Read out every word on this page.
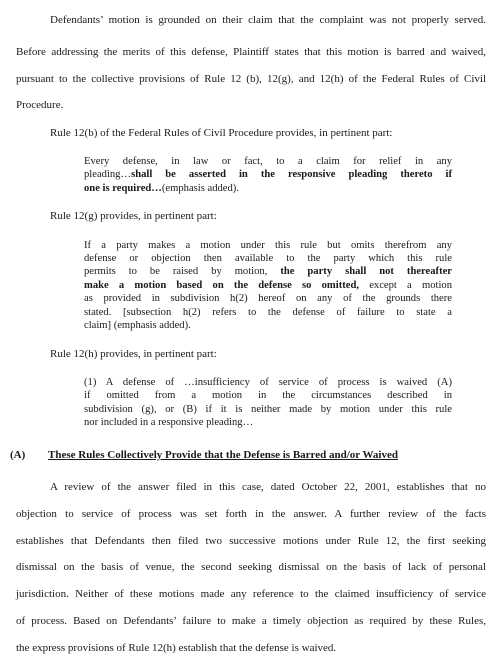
Defendants’ motion is grounded on their claim that the complaint was not properly served.
Before addressing the merits of this defense, Plaintiff states that this motion is barred and waived,
pursuant to the collective provisions of Rule 12 (b), 12(g), and 12(h) of the Federal Rules of Civil
Procedure.
Rule 12(b) of the Federal Rules of Civil Procedure provides, in pertinent part:
Every defense, in law or fact, to a claim for relief in any
pleading…shall be asserted in the responsive pleading thereto if
one is required…(emphasis added).
Rule 12(g) provides, in pertinent part:
If a party makes a motion under this rule but omits therefrom any
defense or objection then available to the party which this rule
permits to be raised by motion, the party shall not thereafter
make a motion based on the defense so omitted, except a motion
as provided in subdivision h(2) hereof on any of the grounds there
stated. [subsection h(2) refers to the defense of failure to state a
claim] (emphasis added).
Rule 12(h) provides, in pertinent part:
(1) A defense of …insufficiency of service of process is waived (A)
if omitted from a motion in the circumstances described in
subdivision (g), or (B) if it is neither made by motion under this rule
nor included in a responsive pleading…
(A) These Rules Collectively Provide that the Defense is Barred and/or Waived
A review of the answer filed in this case, dated October 22, 2001, establishes that no
objection to service of process was set forth in the answer. A further review of the facts
establishes that Defendants then filed two successive motions under Rule 12, the first seeking
dismissal on the basis of venue, the second seeking dismissal on the basis of lack of personal
jurisdiction. Neither of these motions made any reference to the claimed insufficiency of service
of process. Based on Defendants’ failure to make a timely objection as required by these Rules,
the express provisions of Rule 12(h) establish that the defense is waived.
